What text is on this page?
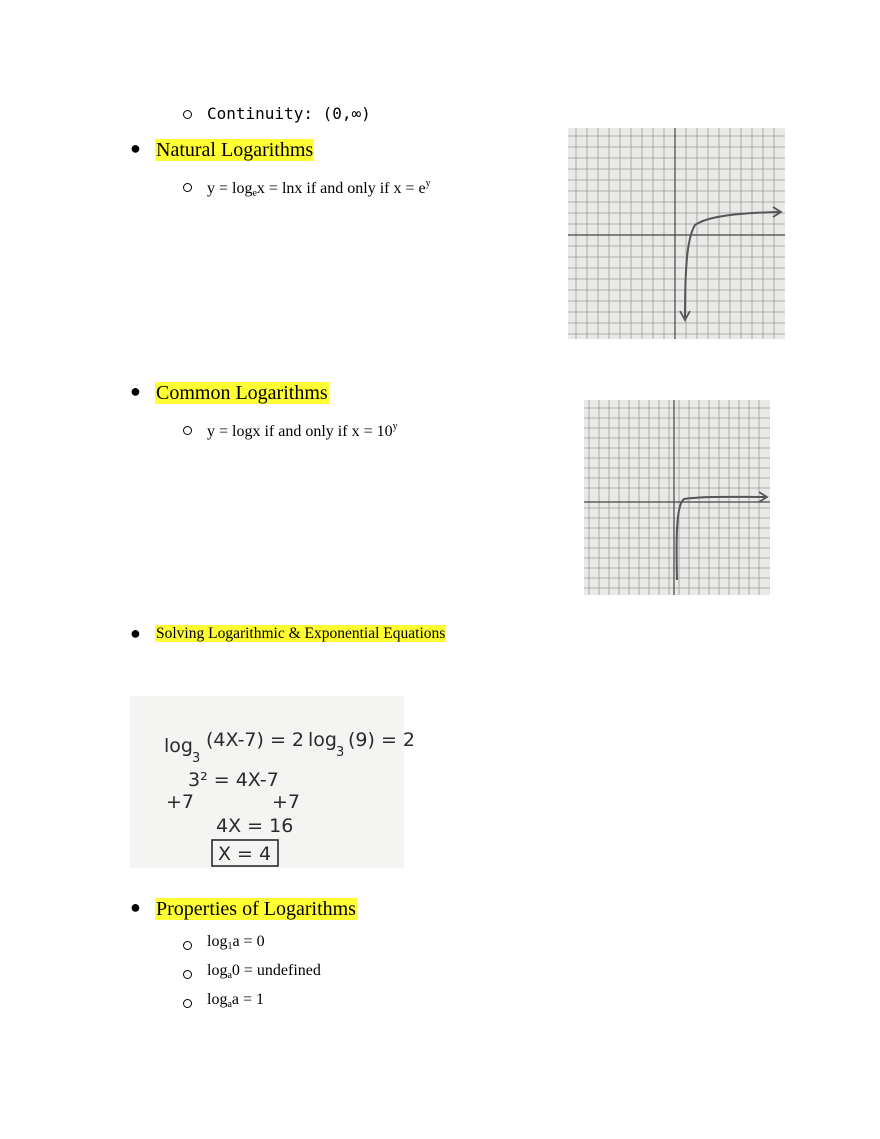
Continuity: (0,∞)
● Natural Logarithms
$y = \log_ex = \ln x$ if and only if $x = e^y$
● Common Logarithms
y = logx if and only if $x = 10^y$
● Solving Logarithmic & Exponential Equations
log
3
(4X-7) = 2 log
3
(9) = 2
3² = 4X-7
+7	+7
4X = 16
X = 4
● Properties of Logarithms
$\log_1a = 0$
$\log_a0$ = undefined
$\log_aa = 1$
